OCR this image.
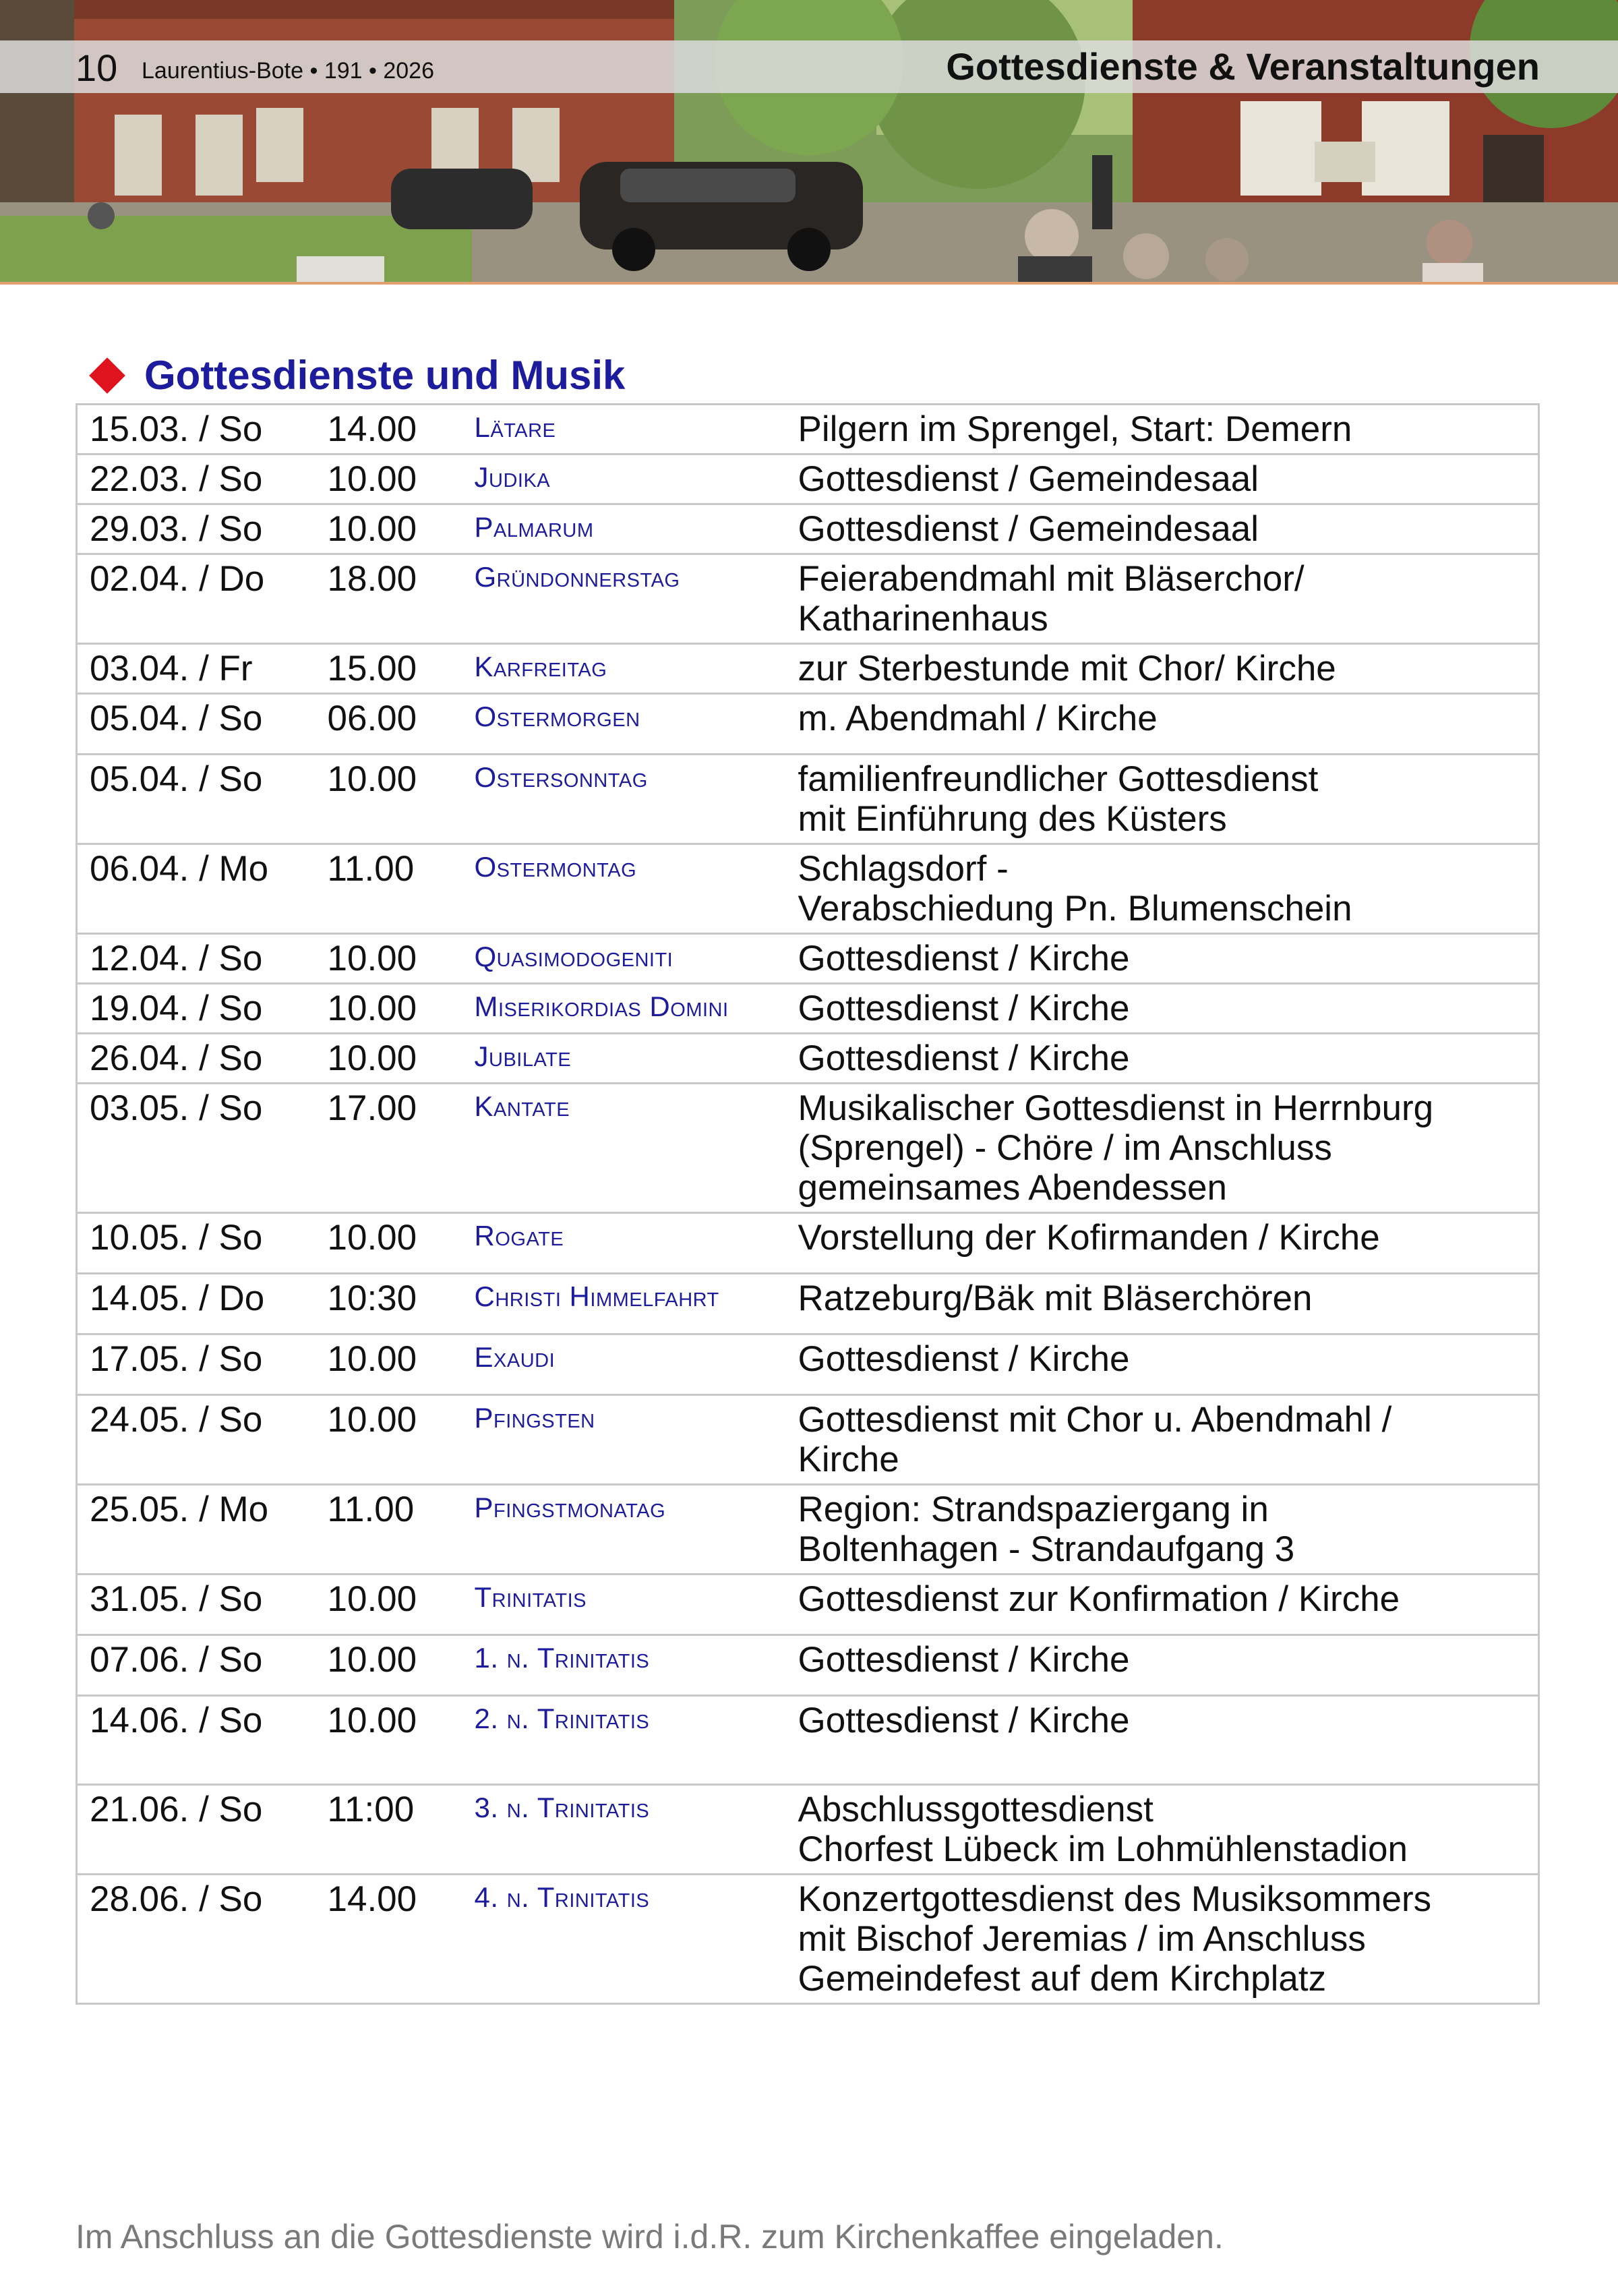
10 Laurentius-Bote • 191 • 2026	Gottesdienste & Veranstaltungen
Gottesdienste und Musik
15.03. / So	14.00	Lätare	Pilgern im Sprengel, Start: Demern
22.03. / So	10.00	Judika	Gottesdienst / Gemeindesaal
29.03. / So	10.00	Palmarum	Gottesdienst / Gemeindesaal
02.04. / Do	18.00	Gründonnerstag	Feierabendmahl mit Bläserchor/
Katharinenhaus
03.04. / Fr	15.00	Karfreitag	zur Sterbestunde mit Chor/ Kirche
05.04. / So	06.00	Ostermorgen	m. Abendmahl / Kirche
05.04. / So	10.00	Ostersonntag	familienfreundlicher Gottesdienst
mit Einführung des Küsters
06.04. / Mo	11.00	Ostermontag	Schlagsdorf -
Verabschiedung Pn. Blumenschein
12.04. / So	10.00	Quasimodogeniti	Gottesdienst / Kirche
19.04. / So	10.00	Miserikordias Domini	Gottesdienst / Kirche
26.04. / So	10.00	Jubilate	Gottesdienst / Kirche
03.05. / So	17.00	Kantate	Musikalischer Gottesdienst in Herrnburg
(Sprengel) - Chöre / im Anschluss
gemeinsames Abendessen
10.05. / So	10.00	Rogate	Vorstellung der Kofirmanden / Kirche
14.05. / Do	10:30	Christi Himmelfahrt	Ratzeburg/Bäk mit Bläserchören
17.05. / So	10.00	Exaudi	Gottesdienst / Kirche
24.05. / So	10.00	Pfingsten	Gottesdienst mit Chor u. Abendmahl /
Kirche
25.05. / Mo	11.00	Pfingstmonatag	Region: Strandspaziergang in
Boltenhagen - Strandaufgang 3
31.05. / So	10.00	Trinitatis	Gottesdienst zur Konfirmation / Kirche
07.06. / So	10.00	1. n. Trinitatis	Gottesdienst / Kirche
14.06. / So	10.00	2. n. Trinitatis	Gottesdienst / Kirche
21.06. / So	11:00	3. n. Trinitatis	Abschlussgottesdienst
Chorfest Lübeck im Lohmühlenstadion
28.06. / So	14.00	4. n. Trinitatis	Konzertgottesdienst des Musiksommers
mit Bischof Jeremias / im Anschluss
Gemeindefest auf dem Kirchplatz
Im Anschluss an die Gottesdienste wird i.d.R. zum Kirchenkaffee eingeladen.
